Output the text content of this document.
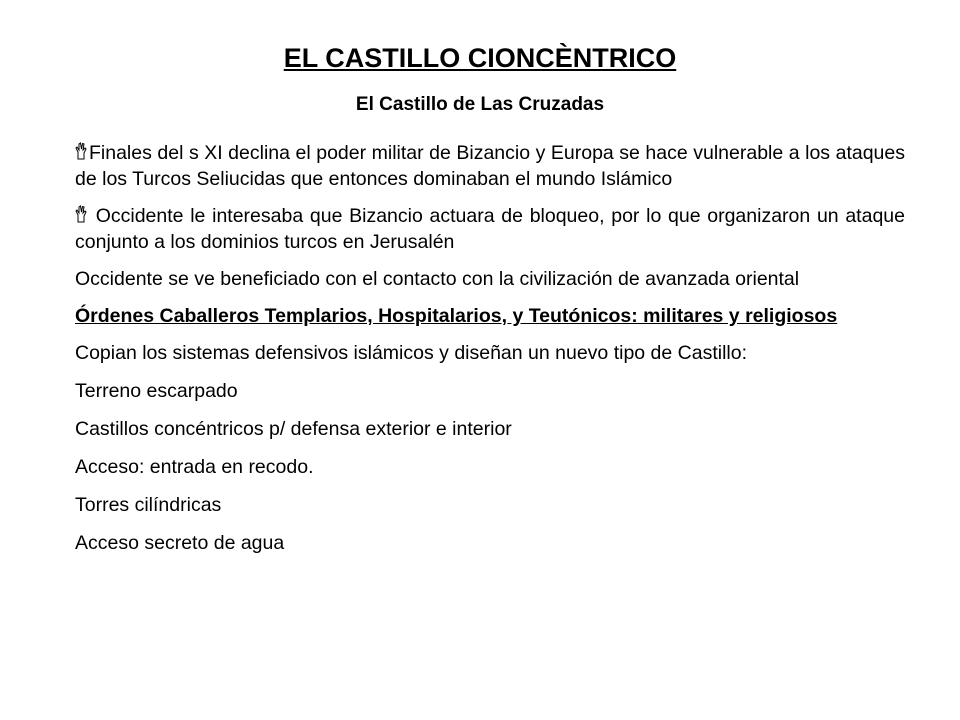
EL CASTILLO CIONCÈNTRICO
El Castillo de Las Cruzadas

Finales del s XI declina el poder militar de Bizancio y Europa se hace vulnerable a los ataques de los Turcos Seliucidas que entonces dominaban el mundo Islámico

Occidente le interesaba que Bizancio actuara de bloqueo, por lo que organizaron un ataque conjunto a los dominios turcos en Jerusalén

Occidente se ve beneficiado con el contacto con la civilización de avanzada oriental

Órdenes Caballeros Templarios, Hospitalarios, y Teutónicos: militares y religiosos

Copian los sistemas defensivos islámicos y diseñan un nuevo tipo de Castillo:

Terreno escarpado

Castillos concéntricos p/ defensa exterior e interior

Acceso: entrada en recodo.

Torres cilíndricas

Acceso secreto de agua
